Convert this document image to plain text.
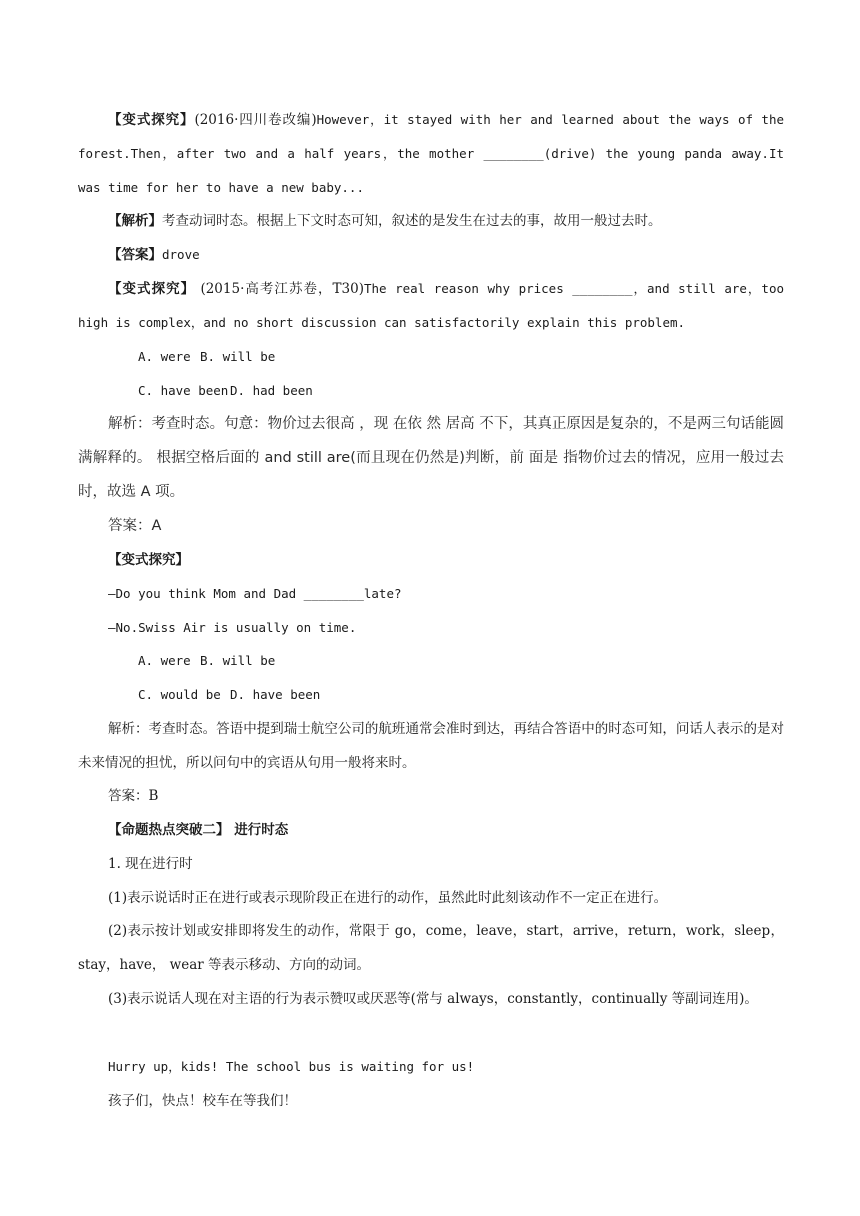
【变式探究】(2016·四川卷改编)However，it stayed with her and learned about the ways of the forest.Then，after two and a half years，the mother ________(drive) the young panda away.It was time for her to have a new baby...
【解析】考查动词时态。根据上下文时态可知，叙述的是发生在过去的事，故用一般过去时。
【答案】drove
【变式探究】 (2015·高考江苏卷，T30)The real reason why prices ________，and still are，too high is complex，and no short discussion can satisfactorily explain this problem.
A. were B. will be
C. have been D. had been
解析：考查时态。句意：物价过去很高 ，现 在依 然 居高 不下，其真正原因是复杂的，不是两三句话能圆满解释的。 根据空格后面的 and still are(而且现在仍然是)判断，前 面是 指物价过去的情况，应用一般过去时，故选 A 项。
答案：A
【变式探究】
—Do you think Mom and Dad ________late?
—No.Swiss Air is usually on time.
A. were B. will be
C. would be D. have been
解析：考查时态。答语中提到瑞士航空公司的航班通常会准时到达，再结合答语中的时态可知，问话人表示的是对未来情况的担忧，所以问句中的宾语从句用一般将来时。
答案：B
【命题热点突破二】 进行时态
1. 现在进行时
(1)表示说话时正在进行或表示现阶段正在进行的动作，虽然此时此刻该动作不一定正在进行。
(2)表示按计划或安排即将发生的动作，常限于 go，come，leave，start，arrive，return，work，sleep，stay，have， wear 等表示移动、方向的动词。
(3)表示说话人现在对主语的行为表示赞叹或厌恶等(常与 always，constantly，continually 等副词连用)。
Hurry up，kids! The school bus is waiting for us!
孩子们，快点！校车在等我们！
